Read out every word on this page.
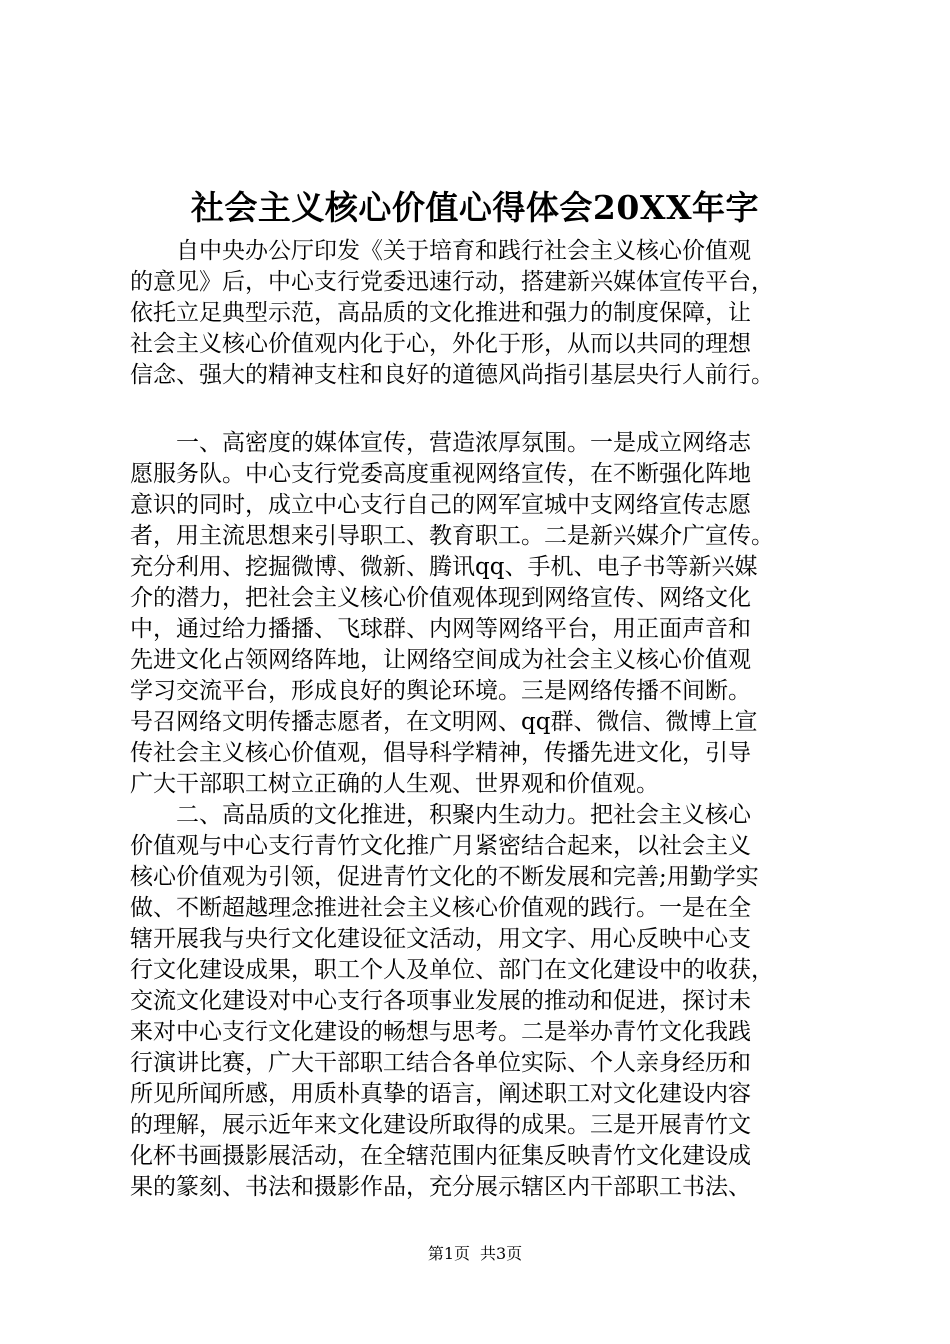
社会主义核心价值心得体会20XX年字
自中央办公厅印发《关于培育和践行社会主义核心价值观
的意见》后，中心支行党委迅速行动，搭建新兴媒体宣传平台，
依托立足典型示范，高品质的文化推进和强力的制度保障，让
社会主义核心价值观内化于心，外化于形，从而以共同的理想
信念、强大的精神支柱和良好的道德风尚指引基层央行人前行。
一、高密度的媒体宣传，营造浓厚氛围。一是成立网络志
愿服务队。中心支行党委高度重视网络宣传，在不断强化阵地
意识的同时，成立中心支行自己的网军宣城中支网络宣传志愿
者，用主流思想来引导职工、教育职工。二是新兴媒介广宣传。
充分利用、挖掘微博、微新、腾讯qq、手机、电子书等新兴媒
介的潜力，把社会主义核心价值观体现到网络宣传、网络文化
中，通过给力播播、飞球群、内网等网络平台，用正面声音和
先进文化占领网络阵地，让网络空间成为社会主义核心价值观
学习交流平台，形成良好的舆论环境。三是网络传播不间断。
号召网络文明传播志愿者，在文明网、qq群、微信、微博上宣
传社会主义核心价值观，倡导科学精神，传播先进文化，引导
广大干部职工树立正确的人生观、世界观和价值观。
二、高品质的文化推进，积聚内生动力。把社会主义核心
价值观与中心支行青竹文化推广月紧密结合起来，以社会主义
核心价值观为引领，促进青竹文化的不断发展和完善;用勤学实
做、不断超越理念推进社会主义核心价值观的践行。一是在全
辖开展我与央行文化建设征文活动，用文字、用心反映中心支
行文化建设成果，职工个人及单位、部门在文化建设中的收获，
交流文化建设对中心支行各项事业发展的推动和促进，探讨未
来对中心支行文化建设的畅想与思考。二是举办青竹文化我践
行演讲比赛，广大干部职工结合各单位实际、个人亲身经历和
所见所闻所感，用质朴真挚的语言，阐述职工对文化建设内容
的理解，展示近年来文化建设所取得的成果。三是开展青竹文
化杯书画摄影展活动，在全辖范围内征集反映青竹文化建设成
果的篆刻、书法和摄影作品，充分展示辖区内干部职工书法、
第1页 共3页
